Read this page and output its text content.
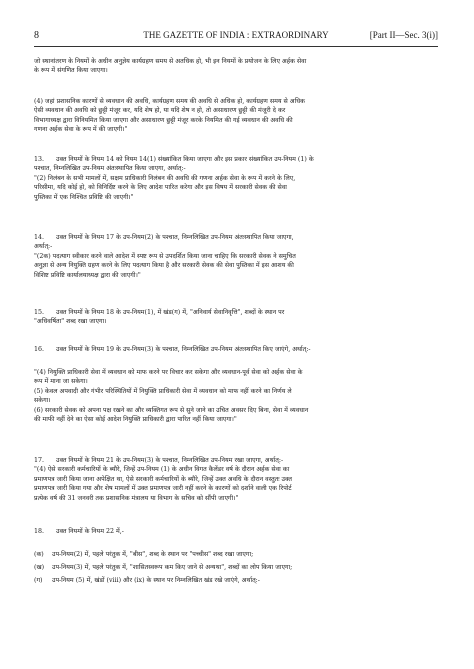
8	THE GAZETTE OF INDIA : EXTRAORDINARY	[Part II—Sec. 3(i)]
जो स्थानांतरण के नियमों के अधीन अनुज्ञेय कार्यग्रहण समय से अतधिक हो, भी इन नियमों के प्रयोजन के लिए अर्हक सेवा
के रूप में संगणित किया जाएगा।
(4) जहां प्रशासनिक कारणों से व्यवधान की अवधि, कार्यग्रहण समय की अवधि से अधिक हो, कार्यग्रहण समय से अधिक
ऐसी व्यवधान की अवधि को छुट्टी मंजूर कर, यदि शेष हो, या यदि शेष न हो, तो असाधारण छुट्टी की मंजूरी दे कर
विभागाध्यक्ष द्वारा विनियमित किया जाएगा और असाधारण छुट्टी मंजूर करके नियमित की गई व्यवधान की अवधि की
गणना अर्हक सेवा के रूप में की जाएगी।"
13. उक्त नियमों के नियम 14 को नियम 14(1) संख्यांकित किया जाएगा और इस प्रकार संख्यांकित उप-नियम (1) के
पश्चात, निम्नलिखित उप-नियम अंतःस्थापित किया जाएगा, अर्थात्:-
"(2) निलंबन के सभी मामलों में, सक्षम प्राधिकारी निलंबन की अवधि की गणना अर्हक सेवा के रूप में करने के लिए,
परिसीमा, यदि कोई हो, को विनिर्दिष्ट करने के लिए आदेश पारित करेगा और इस विषय में सरकारी सेवक की सेवा
पुस्तिका में एक निश्चित प्रविष्टि की जाएगी।"
14. उक्त नियमों के नियम 17 के उप-नियम(2) के पश्चात, निम्नलिखित उप-नियम अंतःस्थापित किया जाएगा,
अर्थात्:-
"(2क) पदत्याग स्वीकार करने वाले आदेश में स्पष्ट रूप से उपदर्शित किया जाना चाहिए कि सरकारी सेवक ने समुचित
अनुज्ञा से अन्य नियुक्ति ग्रहण करने के लिए पदत्याग किया है और सरकारी सेवक की सेवा पुस्तिका में इस आशय की
विशिष्ट प्रविष्टि कार्यालयाध्यक्ष द्वारा की जाएगी।"
15. उक्त नियमों के नियम 18 के उप-नियम(1), में खंड(ग) में, "अनिवार्य सेवानिवृत्ति", शब्दों के स्थान पर
"अधिवर्षिता" शब्द रखा जाएगा।
16. उक्त नियमों के नियम 19 के उप-नियम(3) के पश्चात, निम्नलिखित उप-नियम अंतःस्थापित किए जाएंगे, अर्थात्:-
"(4) नियुक्ति प्राधिकारी सेवा में व्यवधान को माफ करने पर विचार कर सकेगा और व्यवधान-पूर्व सेवा को अर्हक सेवा के
रूप में माना जा सकेगा।
(5) केवल अपवादी और गंभीर परिस्थितियों में नियुक्ति प्राधिकारी सेवा में व्यवधान को माफ नहीं करने का निर्णय ले
सकेगा।
(6) सरकारी सेवक को अपना पक्ष रखने का और व्यक्तिगत रूप से सुने जाने का उचित अवसर दिए बिना, सेवा में व्यवधान
की माफी नहीं देने का ऐसा कोई आदेश नियुक्ति प्राधिकारी द्वारा पारित नहीं किया जाएगा।"
17. उक्त नियमों के नियम 21 के उप-नियम(3) के पश्चात, निम्नलिखित उप-नियम रखा जाएगा, अर्थात्:-
"(4) ऐसे सरकारी कर्मचारियों के ब्यौरे, जिन्हें उप-नियम (1) के अधीन विगत कैलेंडर वर्ष के दौरान अर्हक सेवा का
प्रमाणपत्र जारी किया जाना अपेक्षित था, ऐसे सरकारी कर्मचारियों के ब्यौरे, जिन्हें उक्त अवधि के दौरान वस्तुतः उक्त
प्रमाणपत्र जारी किया गया और शेष मामलों में उक्त प्रमाणपत्र जारी नहीं करने के कारणों को दर्शाने वाली एक रिपोर्ट
प्रत्येक वर्ष की 31 जनवरी तक प्रशासनिक मंत्रालय या विभाग के सचिव को सौंपी जाएगी।"
18. उक्त नियमों के नियम 22 में,-
(क) उप-नियम(2) में, पहले परंतुक में, "बीस", शब्द के स्थान पर "पच्चीस" शब्द रखा जाएगा;
(ख) उप-नियम(3) में, पहले परंतुक में, "शासितस्वरूप कम किए जाने से अन्यथा", शब्दों का लोप किया जाएगा;
(ग) उप-नियम (5) में, खंडों (viii) और (ix) के स्थान पर निम्नलिखित खंड रखे जाएंगे, अर्थात्:-
